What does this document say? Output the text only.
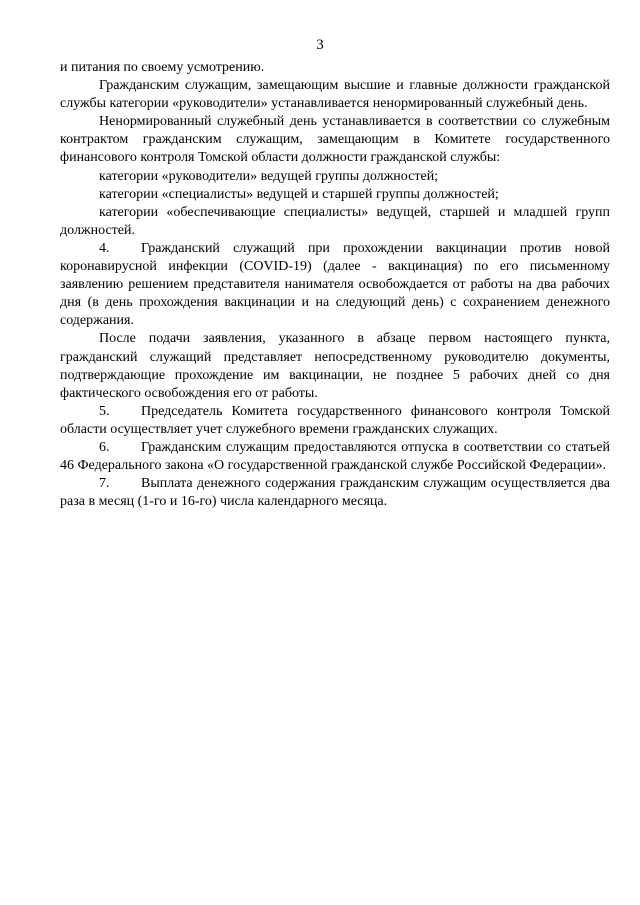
3

и питания по своему усмотрению.

Гражданским служащим, замещающим высшие и главные должности гражданской службы категории «руководители» устанавливается ненормированный служебный день.

Ненормированный служебный день устанавливается в соответствии со служебным контрактом гражданским служащим, замещающим в Комитете государственного финансового контроля Томской области должности гражданской службы:

категории «руководители» ведущей группы должностей;

категории «специалисты» ведущей и старшей группы должностей;

категории «обеспечивающие специалисты» ведущей, старшей и младшей групп должностей.

4. Гражданский служащий при прохождении вакцинации против новой коронавирусной инфекции (COVID-19) (далее - вакцинация) по его письменному заявлению решением представителя нанимателя освобождается от работы на два рабочих дня (в день прохождения вакцинации и на следующий день) с сохранением денежного содержания.

После подачи заявления, указанного в абзаце первом настоящего пункта, гражданский служащий представляет непосредственному руководителю документы, подтверждающие прохождение им вакцинации, не позднее 5 рабочих дней со дня фактического освобождения его от работы.

5. Председатель Комитета государственного финансового контроля Томской области осуществляет учет служебного времени гражданских служащих.

6. Гражданским служащим предоставляются отпуска в соответствии со статьей 46 Федерального закона «О государственной гражданской службе Российской Федерации».

7. Выплата денежного содержания гражданским служащим осуществляется два раза в месяц (1-го и 16-го) числа календарного месяца.
